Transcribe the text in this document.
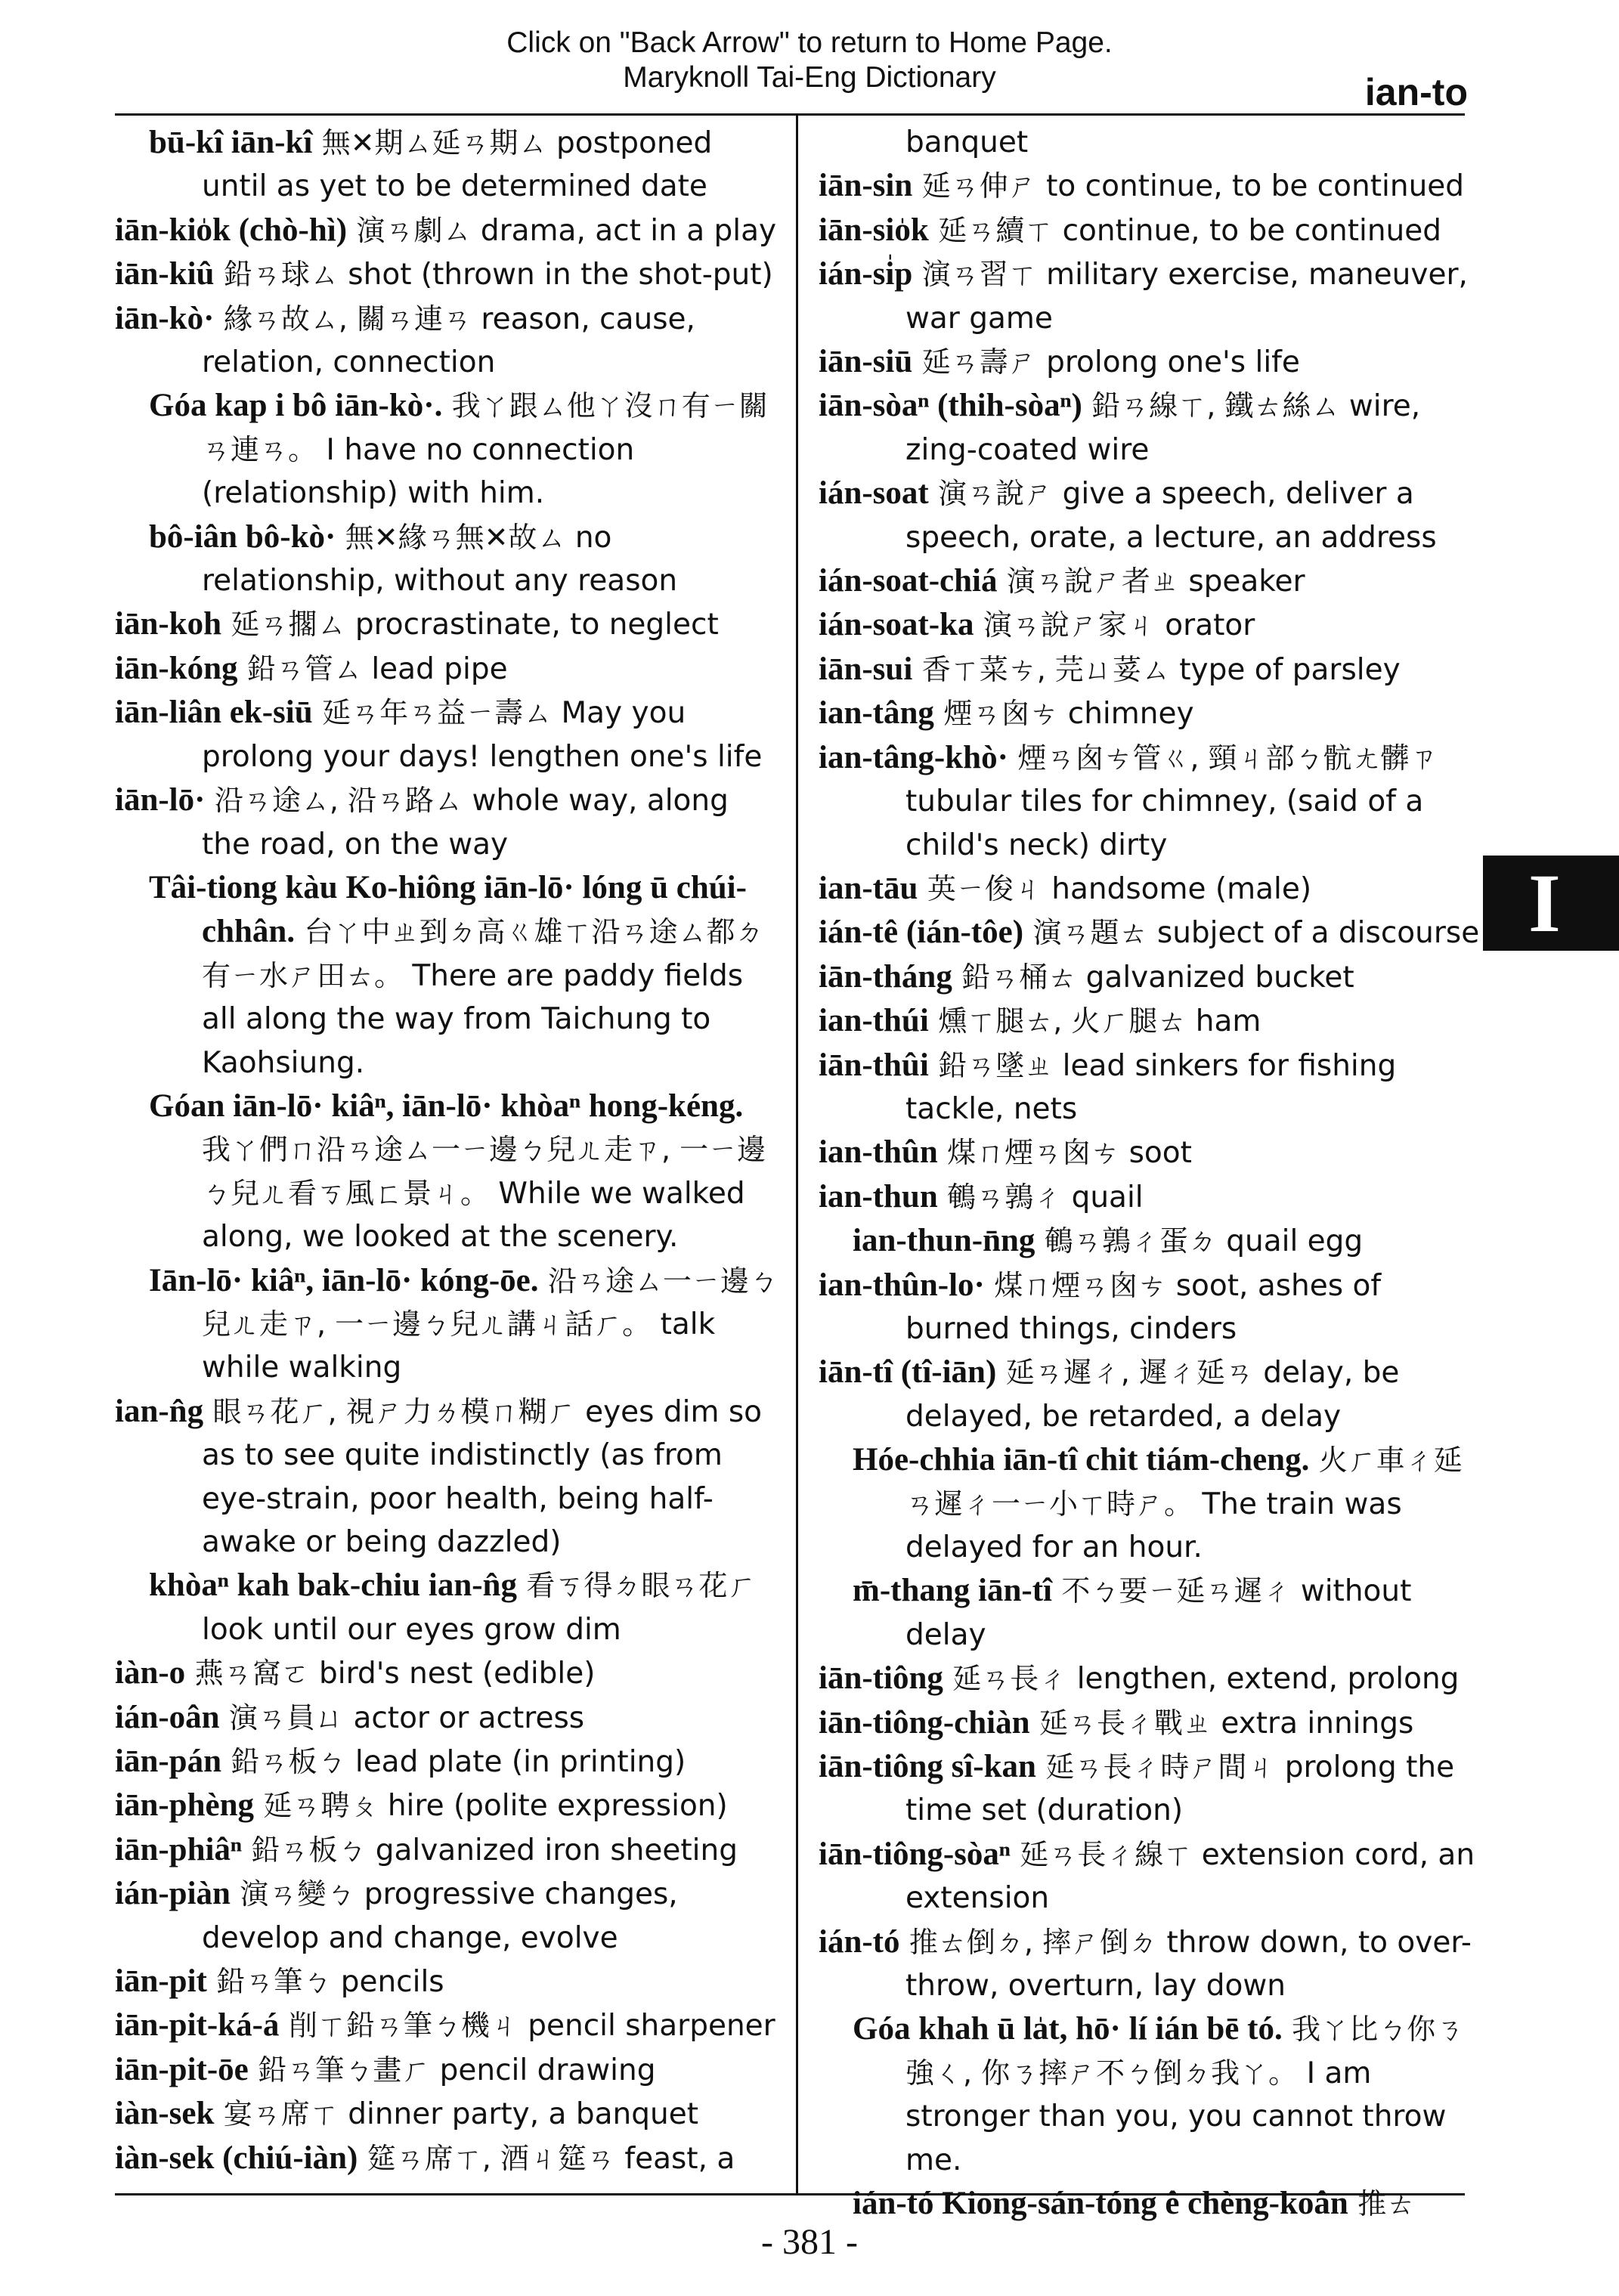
Click on "Back Arrow" to return to Home Page.
Maryknoll Tai-Eng Dictionary	ian-to

bū-kî iān-kî 無✕期ㄙ延ㄢ期ㄙ postponed until as yet to be determined date

iān-kio̍k (chò-hì) 演ㄢ劇ㄙ drama, act in a play

iān-kiû 鉛ㄢ球ㄙ shot (thrown in the shot-put)

iān-kò· 緣ㄢ故ㄙ, 關ㄢ連ㄢ reason, cause, relation, connection

Góa kap i bô iān-kò·. 我ㄚ跟ㄙ他ㄚ沒ㄇ有ㄧ關ㄢ連ㄢ。 I have no connection (relationship) with him.

bô-iân bô-kò· 無✕緣ㄢ無✕故ㄙ no relationship, without any reason

iān-koh 延ㄢ擱ㄙ procrastinate, to neglect

iān-kóng 鉛ㄢ管ㄙ lead pipe

iān-liân ek-siū 延ㄢ年ㄢ益ㄧ壽ㄙ May you prolong your days! lengthen one's life

iān-lō· 沿ㄢ途ㄙ, 沿ㄢ路ㄙ whole way, along the road, on the way

Tâi-tiong kàu Ko-hiông iān-lō· lóng ū chúi-chhân. 台ㄚ中ㄓ到ㄉ高ㄍ雄ㄒ沿ㄢ途ㄙ都ㄉ有ㄧ水ㄕ田ㄊ。 There are paddy fields all along the way from Taichung to Kaohsiung.

Góan iān-lō· kiâⁿ, iān-lō· khòaⁿ hong-kéng. 我ㄚ們ㄇ沿ㄢ途ㄙ一ㄧ邊ㄅ兒ㄦ走ㄗ, 一ㄧ邊ㄅ兒ㄦ看ㄎ風ㄈ景ㄐ。 While we walked along, we looked at the scenery.

Iān-lō· kiâⁿ, iān-lō· kóng-ōe. 沿ㄢ途ㄙ一ㄧ邊ㄅ兒ㄦ走ㄗ, 一ㄧ邊ㄅ兒ㄦ講ㄐ話ㄏ。 talk while walking

ian-n̂g 眼ㄢ花ㄏ, 視ㄕ力ㄌ模ㄇ糊ㄏ eyes dim so as to see quite indistinctly (as from eye-strain, poor health, being half-awake or being dazzled)

khòaⁿ kah bak-chiu ian-n̂g 看ㄎ得ㄉ眼ㄢ花ㄏ look until our eyes grow dim

iàn-o 燕ㄢ窩ㄛ bird's nest (edible)

ián-oân 演ㄢ員ㄩ actor or actress

iān-pán 鉛ㄢ板ㄅ lead plate (in printing)

iān-phèng 延ㄢ聘ㄆ hire (polite expression)

iān-phiâⁿ 鉛ㄢ板ㄅ galvanized iron sheeting

ián-piàn 演ㄢ變ㄅ progressive changes, develop and change, evolve

iān-pit 鉛ㄢ筆ㄅ pencils

iān-pit-ká-á 削ㄒ鉛ㄢ筆ㄅ機ㄐ pencil sharpener

iān-pit-ōe 鉛ㄢ筆ㄅ畫ㄏ pencil drawing

iàn-sek 宴ㄢ席ㄒ dinner party, a banquet

iàn-sek (chiú-iàn) 筵ㄢ席ㄒ, 酒ㄐ筵ㄢ feast, a

banquet

iān-sin 延ㄢ伸ㄕ to continue, to be continued

iān-sio̍k 延ㄢ續ㄒ continue, to be continued

ián-si̍p 演ㄢ習ㄒ military exercise, maneuver, war game

iān-siū 延ㄢ壽ㄕ prolong one's life

iān-sòaⁿ (thih-sòaⁿ) 鉛ㄢ線ㄒ, 鐵ㄊ絲ㄙ wire, zing-coated wire

ián-soat 演ㄢ說ㄕ give a speech, deliver a speech, orate, a lecture, an address

ián-soat-chiá 演ㄢ說ㄕ者ㄓ speaker

ián-soat-ka 演ㄢ說ㄕ家ㄐ orator

iān-sui 香ㄒ菜ㄘ, 芫ㄩ荽ㄙ type of parsley

ian-tâng 煙ㄢ囪ㄘ chimney

ian-tâng-khò· 煙ㄢ囪ㄘ管ㄍ, 頸ㄐ部ㄅ骯ㄤ髒ㄗ tubular tiles for chimney, (said of a child's neck) dirty

ian-tāu 英ㄧ俊ㄐ handsome (male)

ián-tê (ián-tôe) 演ㄢ題ㄊ subject of a discourse

iān-tháng 鉛ㄢ桶ㄊ galvanized bucket

ian-thúi 燻ㄒ腿ㄊ, 火ㄏ腿ㄊ ham

iān-thûi 鉛ㄢ墜ㄓ lead sinkers for fishing tackle, nets

ian-thûn 煤ㄇ煙ㄢ囪ㄘ soot

ian-thun 鵪ㄢ鶉ㄔ quail

ian-thun-n̄ng 鵪ㄢ鶉ㄔ蛋ㄉ quail egg

ian-thûn-lo· 煤ㄇ煙ㄢ囪ㄘ soot, ashes of burned things, cinders

iān-tî (tî-iān) 延ㄢ遲ㄔ, 遲ㄔ延ㄢ delay, be delayed, be retarded, a delay

Hóe-chhia iān-tî chit tiám-cheng. 火ㄏ車ㄔ延ㄢ遲ㄔ一ㄧ小ㄒ時ㄕ。 The train was delayed for an hour.

m̄-thang iān-tî 不ㄅ要ㄧ延ㄢ遲ㄔ without delay

iān-tiông 延ㄢ長ㄔ lengthen, extend, prolong

iān-tiông-chiàn 延ㄢ長ㄔ戰ㄓ extra innings

iān-tiông sî-kan 延ㄢ長ㄔ時ㄕ間ㄐ prolong the time set (duration)

iān-tiông-sòaⁿ 延ㄢ長ㄔ線ㄒ extension cord, an extension

ián-tó 推ㄊ倒ㄉ, 摔ㄕ倒ㄉ throw down, to over-throw, overturn, lay down

Góa khah ū la̍t, hō· lí ián bē tó. 我ㄚ比ㄅ你ㄋ強ㄑ, 你ㄋ摔ㄕ不ㄅ倒ㄉ我ㄚ。 I am stronger than you, you cannot throw me.

ián-tó Kiōng-sán-tóng ê chèng-koân 推ㄊ

I
- 381 -
